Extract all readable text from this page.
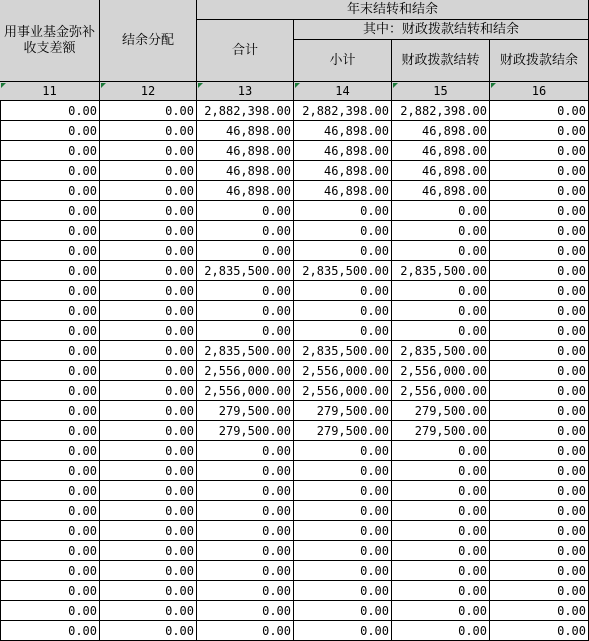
用事业基金弥补收支差额
结余分配
年末结转和结余
合计
其中：财政拨款结转和结余
小计	财政拨款结转 财政拨款结余
11	12	13	14	15	16
0.00	0.00 2,882,398.00 2,882,398.00 2,882,398.00	0.00
0.00	0.00	46,898.00	46,898.00	46,898.00	0.00
0.00	0.00	46,898.00	46,898.00	46,898.00	0.00
0.00	0.00	46,898.00	46,898.00	46,898.00	0.00
0.00	0.00	46,898.00	46,898.00	46,898.00	0.00
0.00	0.00	0.00	0.00	0.00	0.00
0.00	0.00	0.00	0.00	0.00	0.00
0.00	0.00	0.00	0.00	0.00	0.00
0.00	0.00 2,835,500.00 2,835,500.00 2,835,500.00	0.00
0.00	0.00	0.00	0.00	0.00	0.00
0.00	0.00	0.00	0.00	0.00	0.00
0.00	0.00	0.00	0.00	0.00	0.00
0.00	0.00 2,835,500.00 2,835,500.00 2,835,500.00	0.00
0.00	0.00 2,556,000.00 2,556,000.00 2,556,000.00	0.00
0.00	0.00 2,556,000.00 2,556,000.00 2,556,000.00	0.00
0.00	0.00	279,500.00	279,500.00	279,500.00	0.00
0.00	0.00	279,500.00	279,500.00	279,500.00	0.00
0.00	0.00	0.00	0.00	0.00	0.00
0.00	0.00	0.00	0.00	0.00	0.00
0.00	0.00	0.00	0.00	0.00	0.00
0.00	0.00	0.00	0.00	0.00	0.00
0.00	0.00	0.00	0.00	0.00	0.00
0.00	0.00	0.00	0.00	0.00	0.00
0.00	0.00	0.00	0.00	0.00	0.00
0.00	0.00	0.00	0.00	0.00	0.00
0.00	0.00	0.00	0.00	0.00	0.00
0.00	0.00	0.00	0.00	0.00	0.00
